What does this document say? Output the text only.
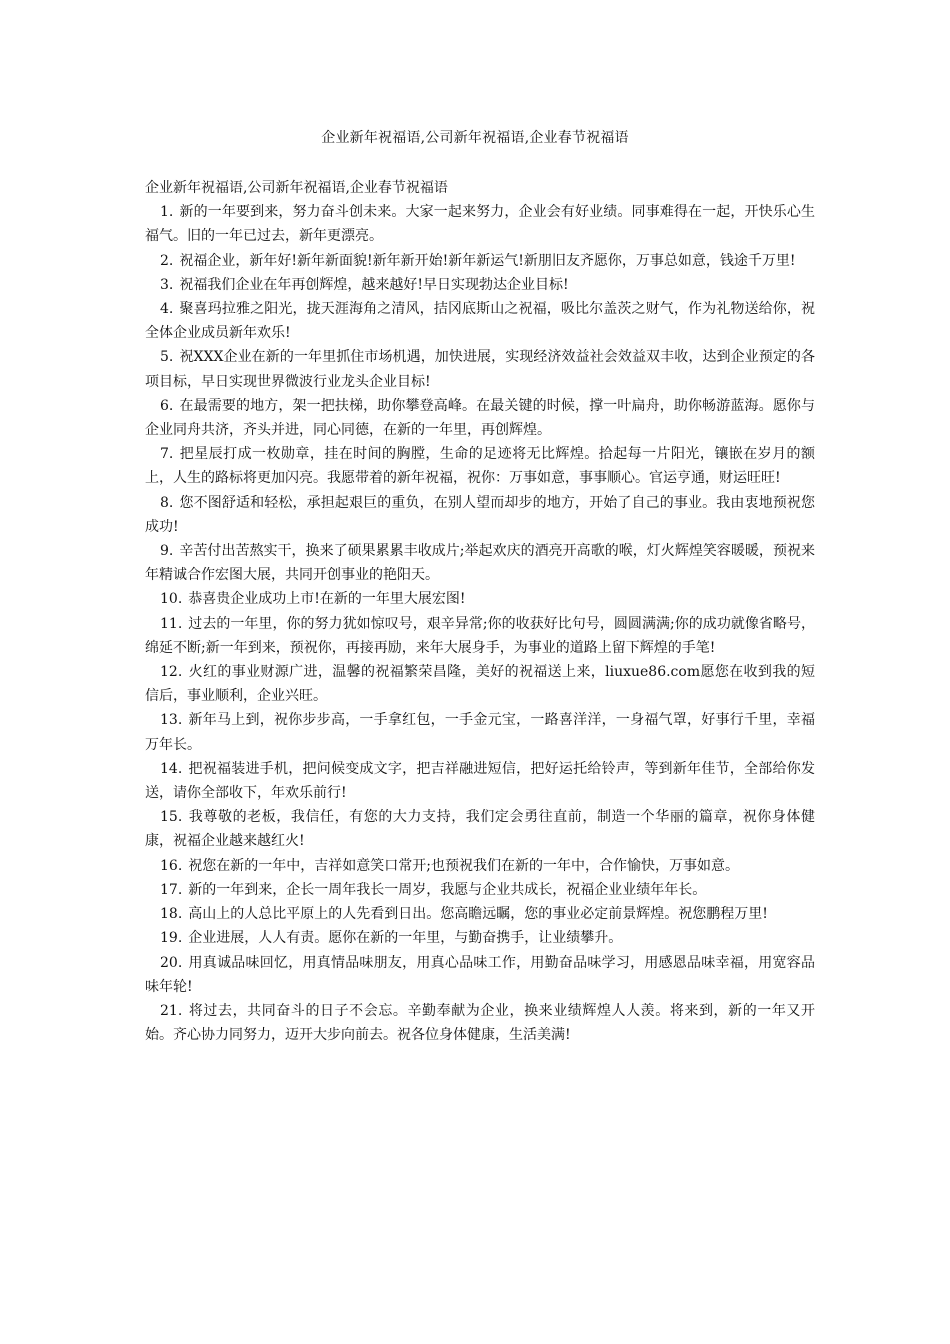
企业新年祝福语,公司新年祝福语,企业春节祝福语

企业新年祝福语,公司新年祝福语,企业春节祝福语

1. 新的一年要到来，努力奋斗创未来。大家一起来努力，企业会有好业绩。同事难得在一起，开快乐心生福气。旧的一年已过去，新年更漂亮。

2. 祝福企业，新年好!新年新面貌!新年新开始!新年新运气!新朋旧友齐愿你，万事总如意，钱途千万里!

3. 祝福我们企业在年再创辉煌，越来越好!早日实现勃达企业目标!

4. 聚喜玛拉雅之阳光，拢天涯海角之清风，拮冈底斯山之祝福，吸比尔盖茨之财气，作为礼物送给你，祝全体企业成员新年欢乐!

5. 祝XXX企业在新的一年里抓住市场机遇，加快进展，实现经济效益社会效益双丰收，达到企业预定的各项目标，早日实现世界微波行业龙头企业目标!

6. 在最需要的地方，架一把扶梯，助你攀登高峰。在最关键的时候，撑一叶扁舟，助你畅游蓝海。愿你与企业同舟共济，齐头并进，同心同德，在新的一年里，再创辉煌。

7. 把星辰打成一枚勋章，挂在时间的胸膛，生命的足迹将无比辉煌。拾起每一片阳光，镶嵌在岁月的额上，人生的路标将更加闪亮。我愿带着的新年祝福，祝你：万事如意，事事顺心。官运亨通，财运旺旺!

8. 您不图舒适和轻松，承担起艰巨的重负，在别人望而却步的地方，开始了自己的事业。我由衷地预祝您成功!

9. 辛苦付出苦熬实干，换来了硕果累累丰收成片;举起欢庆的酒亮开高歌的喉，灯火辉煌笑容暖暖，预祝来年精诚合作宏图大展，共同开创事业的艳阳天。

10. 恭喜贵企业成功上市!在新的一年里大展宏图!

11. 过去的一年里，你的努力犹如惊叹号，艰辛异常;你的收获好比句号，圆圆满满;你的成功就像省略号，绵延不断;新一年到来，预祝你，再接再励，来年大展身手，为事业的道路上留下辉煌的手笔!

12. 火红的事业财源广进，温馨的祝福繁荣昌隆，美好的祝福送上来，liuxue86.com愿您在收到我的短信后，事业顺利，企业兴旺。

13. 新年马上到，祝你步步高，一手拿红包，一手金元宝，一路喜洋洋，一身福气罩，好事行千里，幸福万年长。

14. 把祝福装进手机，把问候变成文字，把吉祥融进短信，把好运托给铃声，等到新年佳节，全部给你发送，请你全部收下，年欢乐前行!

15. 我尊敬的老板，我信任，有您的大力支持，我们定会勇往直前，制造一个华丽的篇章，祝你身体健康，祝福企业越来越红火!

16. 祝您在新的一年中，吉祥如意笑口常开;也预祝我们在新的一年中，合作愉快，万事如意。

17. 新的一年到来，企长一周年我长一周岁，我愿与企业共成长，祝福企业业绩年年长。

18. 高山上的人总比平原上的人先看到日出。您高瞻远瞩，您的事业必定前景辉煌。祝您鹏程万里!

19. 企业进展，人人有责。愿你在新的一年里，与勤奋携手，让业绩攀升。

20. 用真诚品味回忆，用真情品味朋友，用真心品味工作，用勤奋品味学习，用感恩品味幸福，用宽容品味年轮!

21. 将过去，共同奋斗的日子不会忘。辛勤奉献为企业，换来业绩辉煌人人羡。将来到，新的一年又开始。齐心协力同努力，迈开大步向前去。祝各位身体健康，生活美满!
